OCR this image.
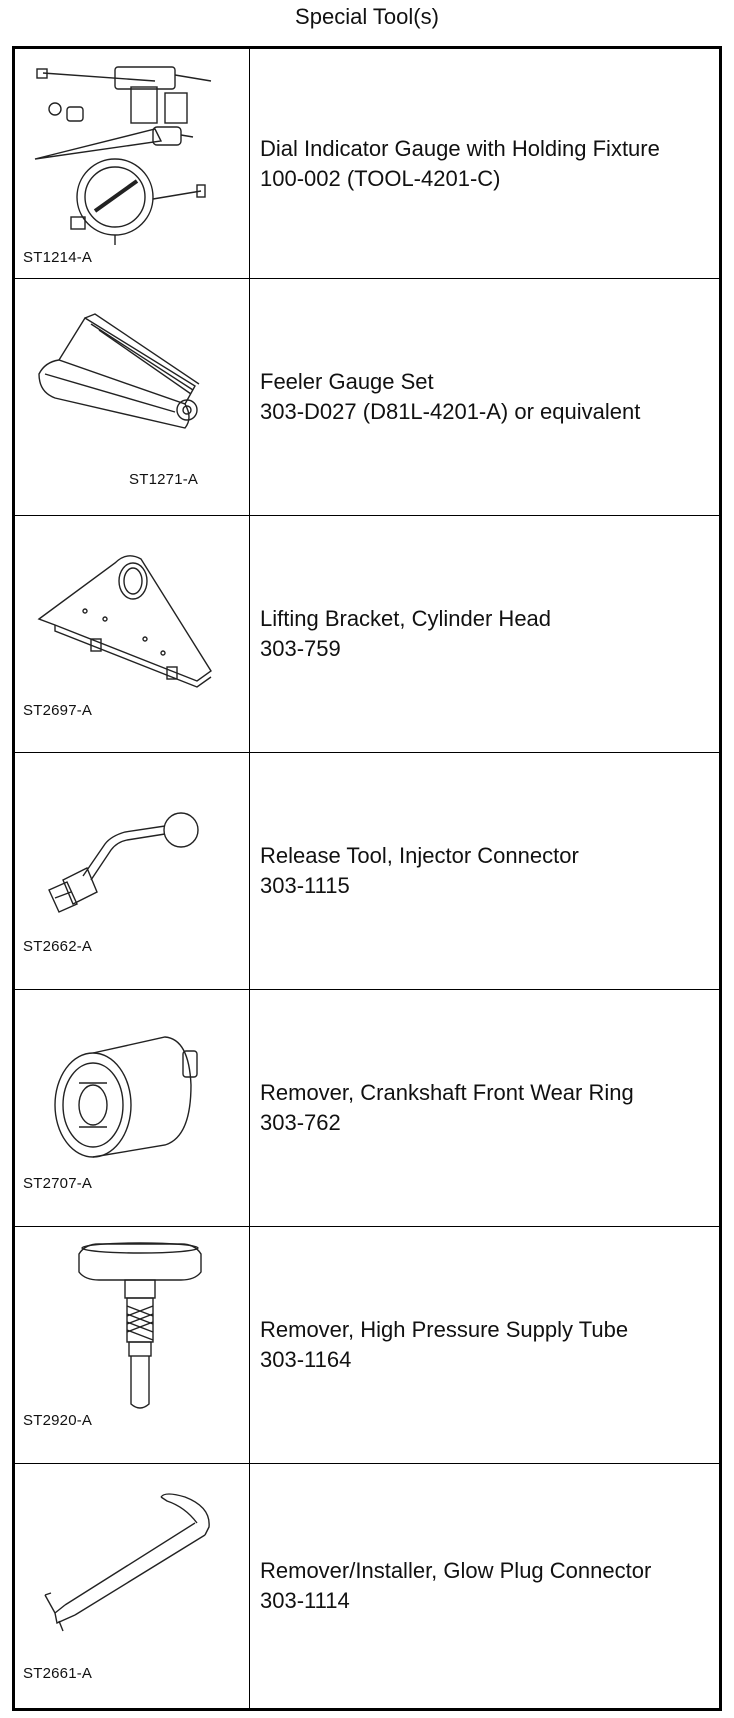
Special Tool(s)
ST1214-A
Dial Indicator Gauge with Holding Fixture
100-002 (TOOL-4201-C)
ST1271-A
Feeler Gauge Set
303-D027 (D81L-4201-A) or equivalent
ST2697-A
Lifting Bracket, Cylinder Head
303-759
ST2662-A
Release Tool, Injector Connector
303-1115
ST2707-A
Remover, Crankshaft Front Wear Ring
303-762
ST2920-A
Remover, High Pressure Supply Tube
303-1164
ST2661-A
Remover/Installer, Glow Plug Connector
303-1114
